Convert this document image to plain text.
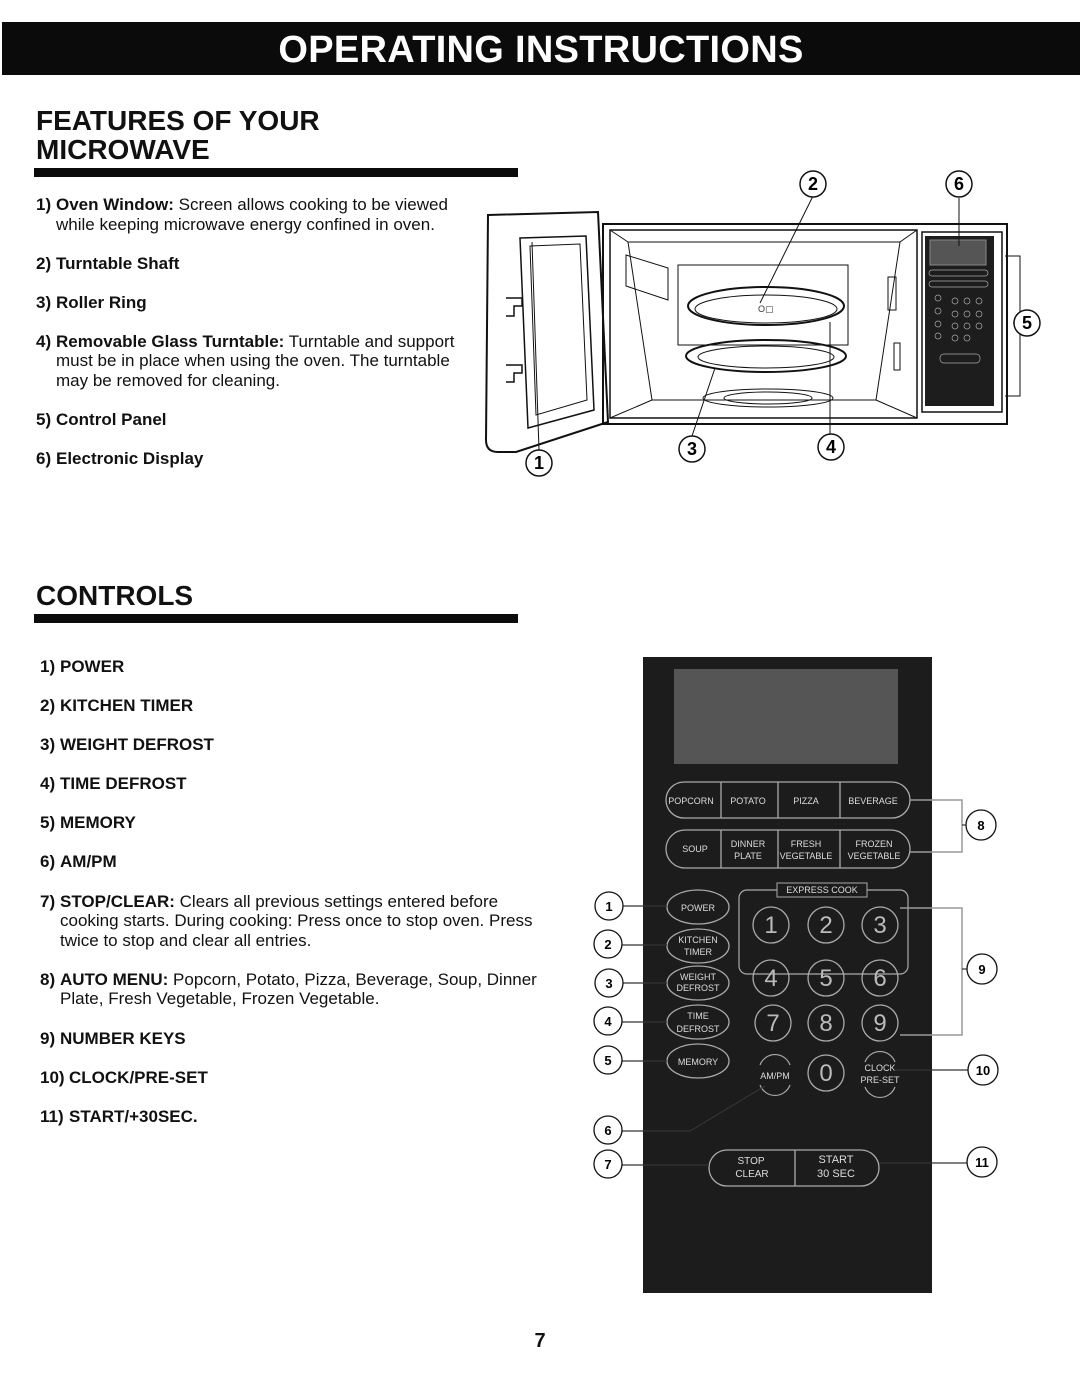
OPERATING INSTRUCTIONS
FEATURES OF YOUR
MICROWAVE
1) Oven Window: Screen allows cooking to be viewed while keeping microwave energy confined in oven.
2) Turntable Shaft
3) Roller Ring
4) Removable Glass Turntable: Turntable and support must be in place when using the oven. The turntable may be removed for cleaning.
5) Control Panel
6) Electronic Display
O▢
2	6
5
1
3	4
CONTROLS
1) POWER
2) KITCHEN TIMER
3) WEIGHT DEFROST
4) TIME DEFROST
5) MEMORY
6) AM/PM
7) STOP/CLEAR: Clears all previous settings entered before cooking starts. During cooking: Press once to stop oven. Press twice to stop and clear all entries.
8) AUTO MENU: Popcorn, Potato, Pizza, Beverage, Soup, Dinner Plate, Fresh Vegetable, Frozen Vegetable.
9) NUMBER KEYS
10) CLOCK/PRE-SET
11) START/+30SEC.
POPCORN POTATO	PIZZA	BEVERAGE
SOUP	DINNER
PLATE
FRESH
VEGETABLE
FROZEN
VEGETABLE
EXPRESS COOK
POWER
KITCHEN
TIMER
WEIGHT
DEFROST
TIME
DEFROST
MEMORY
1 2 3
4 5 6
7 8 9
0
AM/PM
CLOCK
PRE-SET
STOP
CLEAR
START
30 SEC
1
2
3
4
5
6
7
8
9
10
11
7
